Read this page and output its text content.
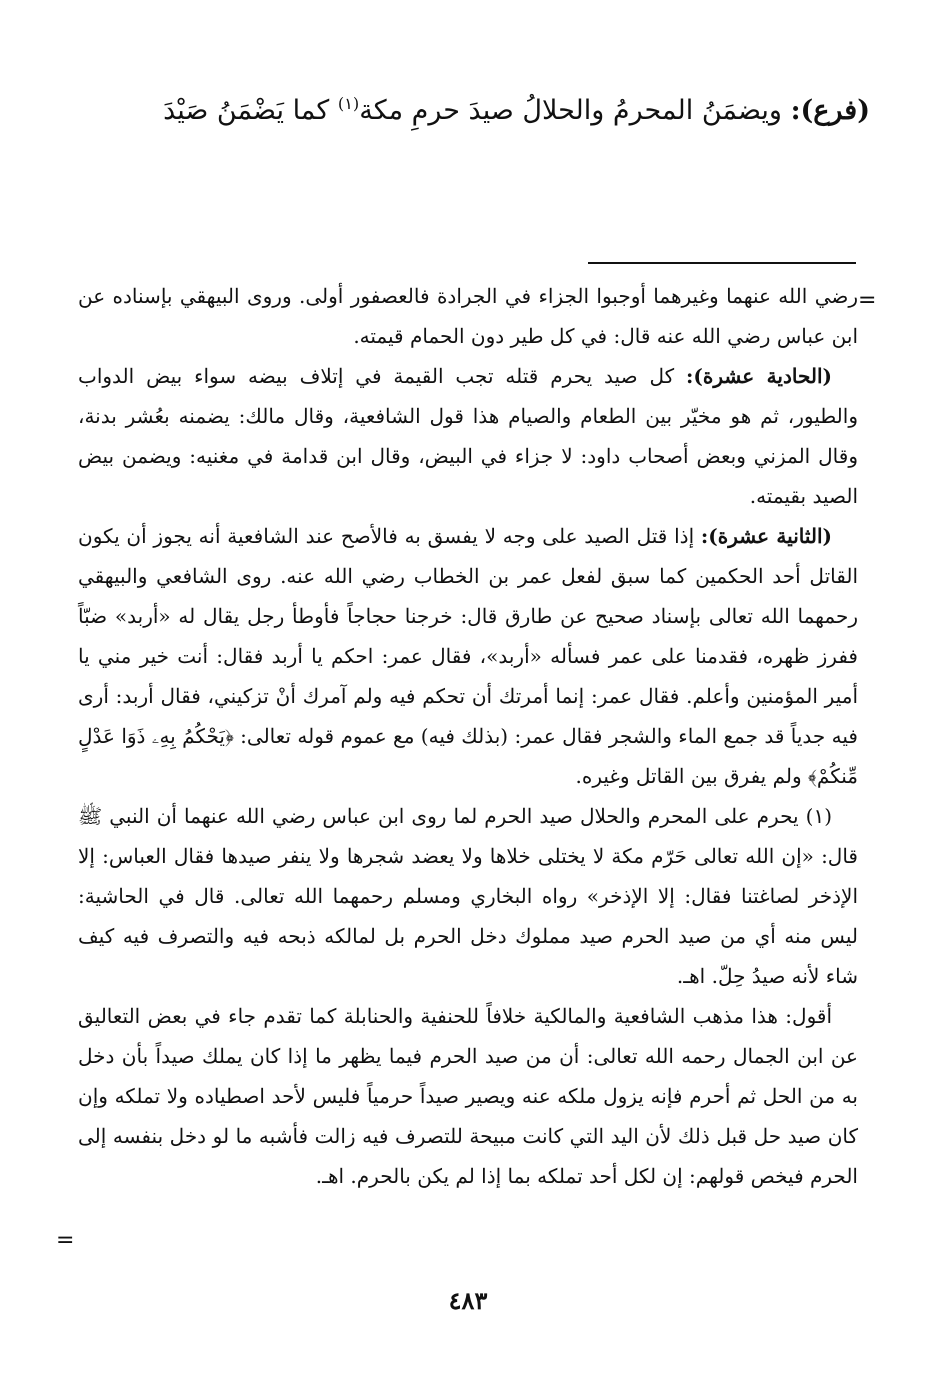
(فرع): ويضمَنُ المحرمُ والحلالُ صيدَ حرمِ مكة$^{(١)}$ كما يَضْمَنُ صَيْدَ
=

رضي الله عنهما وغيرهما أوجبوا الجزاء في الجرادة فالعصفور أولى. وروى البيهقي بإسناده عن ابن عباس رضي الله عنه قال: في كل طير دون الحمام قيمته.

(الحادية عشرة): كل صيد يحرم قتله تجب القيمة في إتلاف بيضه سواء بيض الدواب والطيور، ثم هو مخيّر بين الطعام والصيام هذا قول الشافعية، وقال مالك: يضمنه بعُشر بدنة، وقال المزني وبعض أصحاب داود: لا جزاء في البيض، وقال ابن قدامة في مغنيه: ويضمن بيض الصيد بقيمته.

(الثانية عشرة): إذا قتل الصيد على وجه لا يفسق به فالأصح عند الشافعية أنه يجوز أن يكون القاتل أحد الحكمين كما سبق لفعل عمر بن الخطاب رضي الله عنه. روى الشافعي والبيهقي رحمهما الله تعالى بإسناد صحيح عن طارق قال: خرجنا حجاجاً فأوطأ رجل يقال له «أربد» ضبّاً ففرز ظهره، فقدمنا على عمر فسأله «أربد»، فقال عمر: احكم يا أربد فقال: أنت خير مني يا أمير المؤمنين وأعلم. فقال عمر: إنما أمرتك أن تحكم فيه ولم آمرك أنْ تزكيني، فقال أربد: أرى فيه جدياً قد جمع الماء والشجر فقال عمر: (بذلك فيه) مع عموم قوله تعالى: ﴿يَحْكُمُ بِهِۦ ذَوَا عَدْلٍ مِّنكُمْ﴾ ولم يفرق بين القاتل وغيره.

(١) يحرم على المحرم والحلال صيد الحرم لما روى ابن عباس رضي الله عنهما أن النبي ﷺ قال: «إن الله تعالى حَرّم مكة لا يختلى خلاها ولا يعضد شجرها ولا ينفر صيدها فقال العباس: إلا الإذخر لصاغتنا فقال: إلا الإذخر» رواه البخاري ومسلم رحمهما الله تعالى. قال في الحاشية: ليس منه أي من صيد الحرم صيد مملوك دخل الحرم بل لمالكه ذبحه فيه والتصرف فيه كيف شاء لأنه صيدُ حِلّ. اهـ.

أقول: هذا مذهب الشافعية والمالكية خلافاً للحنفية والحنابلة كما تقدم جاء في بعض التعاليق عن ابن الجمال رحمه الله تعالى: أن من صيد الحرم فيما يظهر ما إذا كان يملك صيداً بأن دخل به من الحل ثم أحرم فإنه يزول ملكه عنه ويصير صيداً حرمياً فليس لأحد اصطياده ولا تملكه وإن كان صيد حل قبل ذلك لأن اليد التي كانت مبيحة للتصرف فيه زالت فأشبه ما لو دخل بنفسه إلى الحرم فيخص قولهم: إن لكل أحد تملكه بما إذا لم يكن بالحرم. اهـ.

=
٤٨٣
